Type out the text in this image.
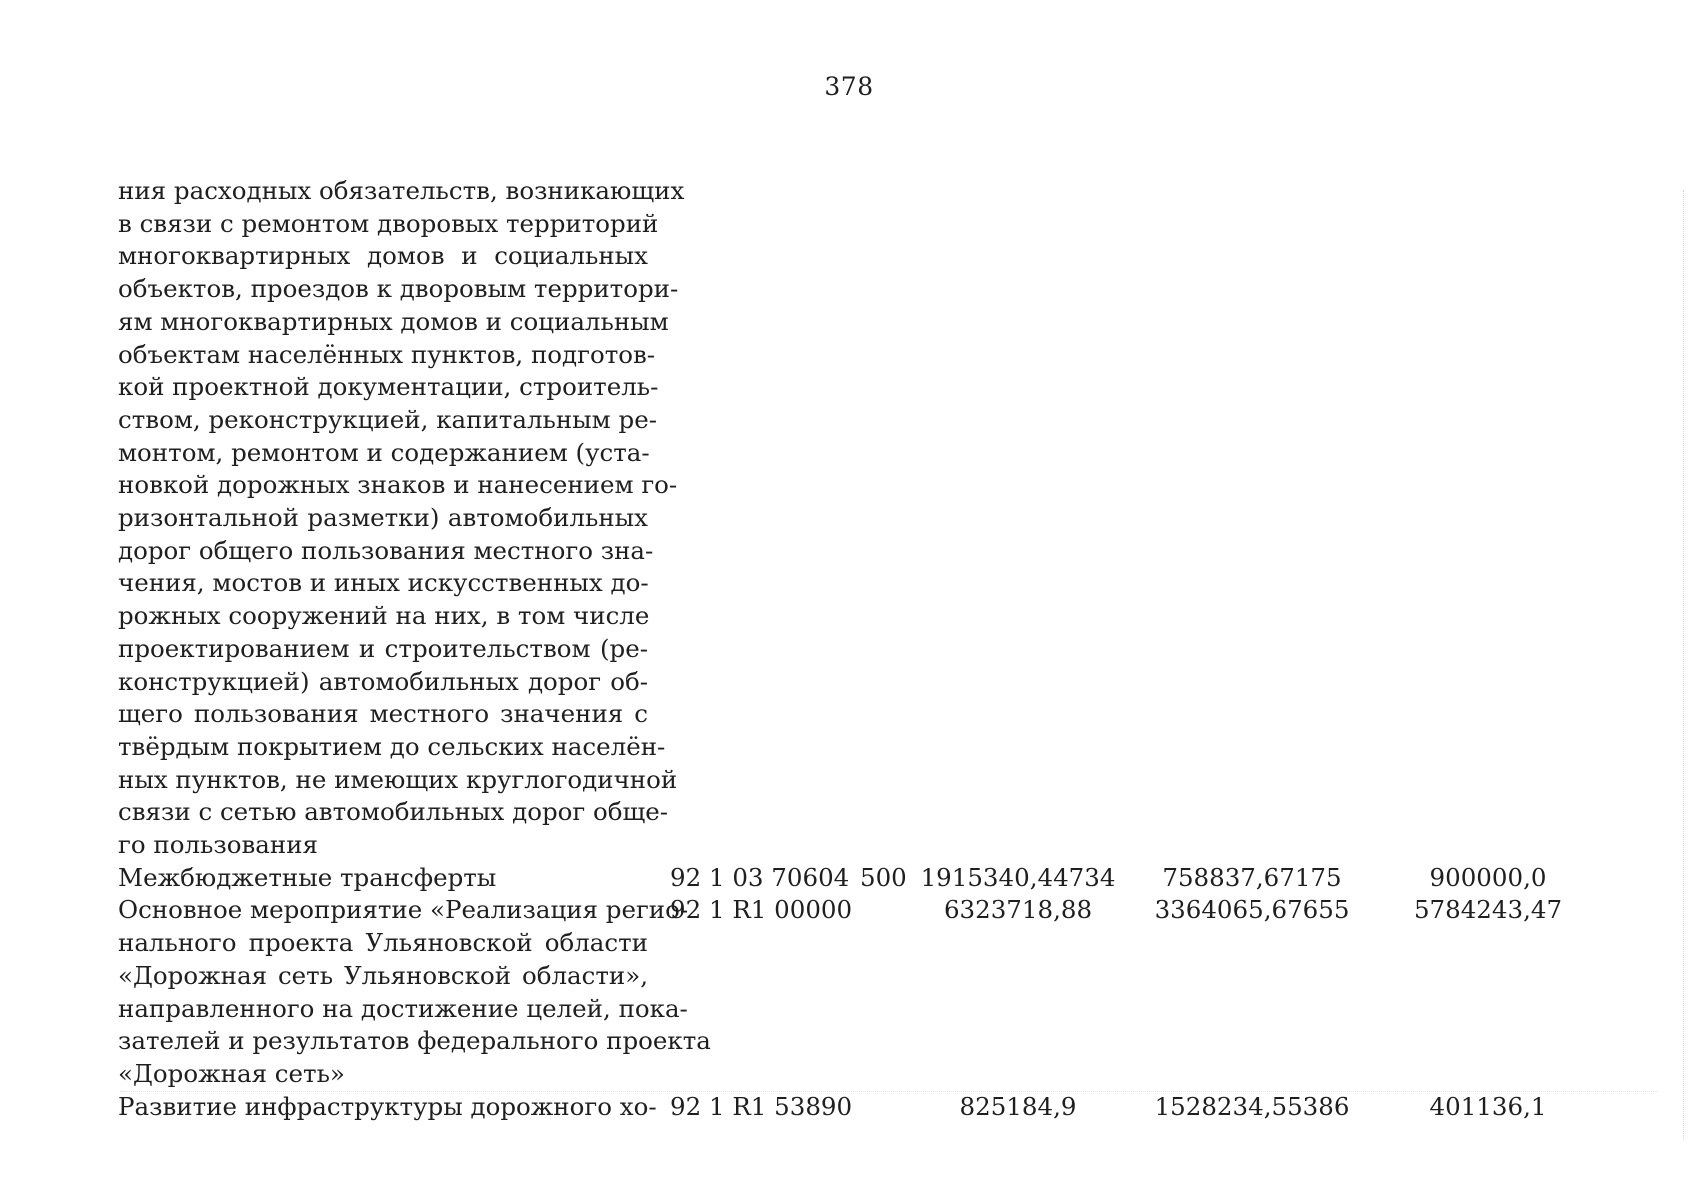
378
ния расходных обязательств, возникающих
в связи с ремонтом дворовых территорий
многоквартирных домов и социальных
объектов, проездов к дворовым территори-
ям многоквартирных домов и социальным
объектам населённых пунктов, подготов-
кой проектной документации, строитель-
ством, реконструкцией, капитальным ре-
монтом, ремонтом и содержанием (уста-
новкой дорожных знаков и нанесением го-
ризонтальной разметки) автомобильных
дорог общего пользования местного зна-
чения, мостов и иных искусственных до-
рожных сооружений на них, в том числе
проектированием и строительством (ре-
конструкцией) автомобильных дорог об-
щего пользования местного значения с
твёрдым покрытием до сельских населён-
ных пунктов, не имеющих круглогодичной
связи с сетью автомобильных дорог обще-
го пользования
Межбюджетные трансферты	92 1 03 70604 500 1915340,44734	758837,67175	900000,0
Основное мероприятие «Реализация регио-
нального проекта Ульяновской области
«Дорожная сеть Ульяновской области»,
направленного на достижение целей, пока-
зателей и результатов федерального проекта
«Дорожная сеть»
92 1 R1 00000	6323718,88	3364065,67655	5784243,47
Развитие инфраструктуры дорожного хо- 92 1 R1 53890	825184,9	1528234,55386	401136,1
